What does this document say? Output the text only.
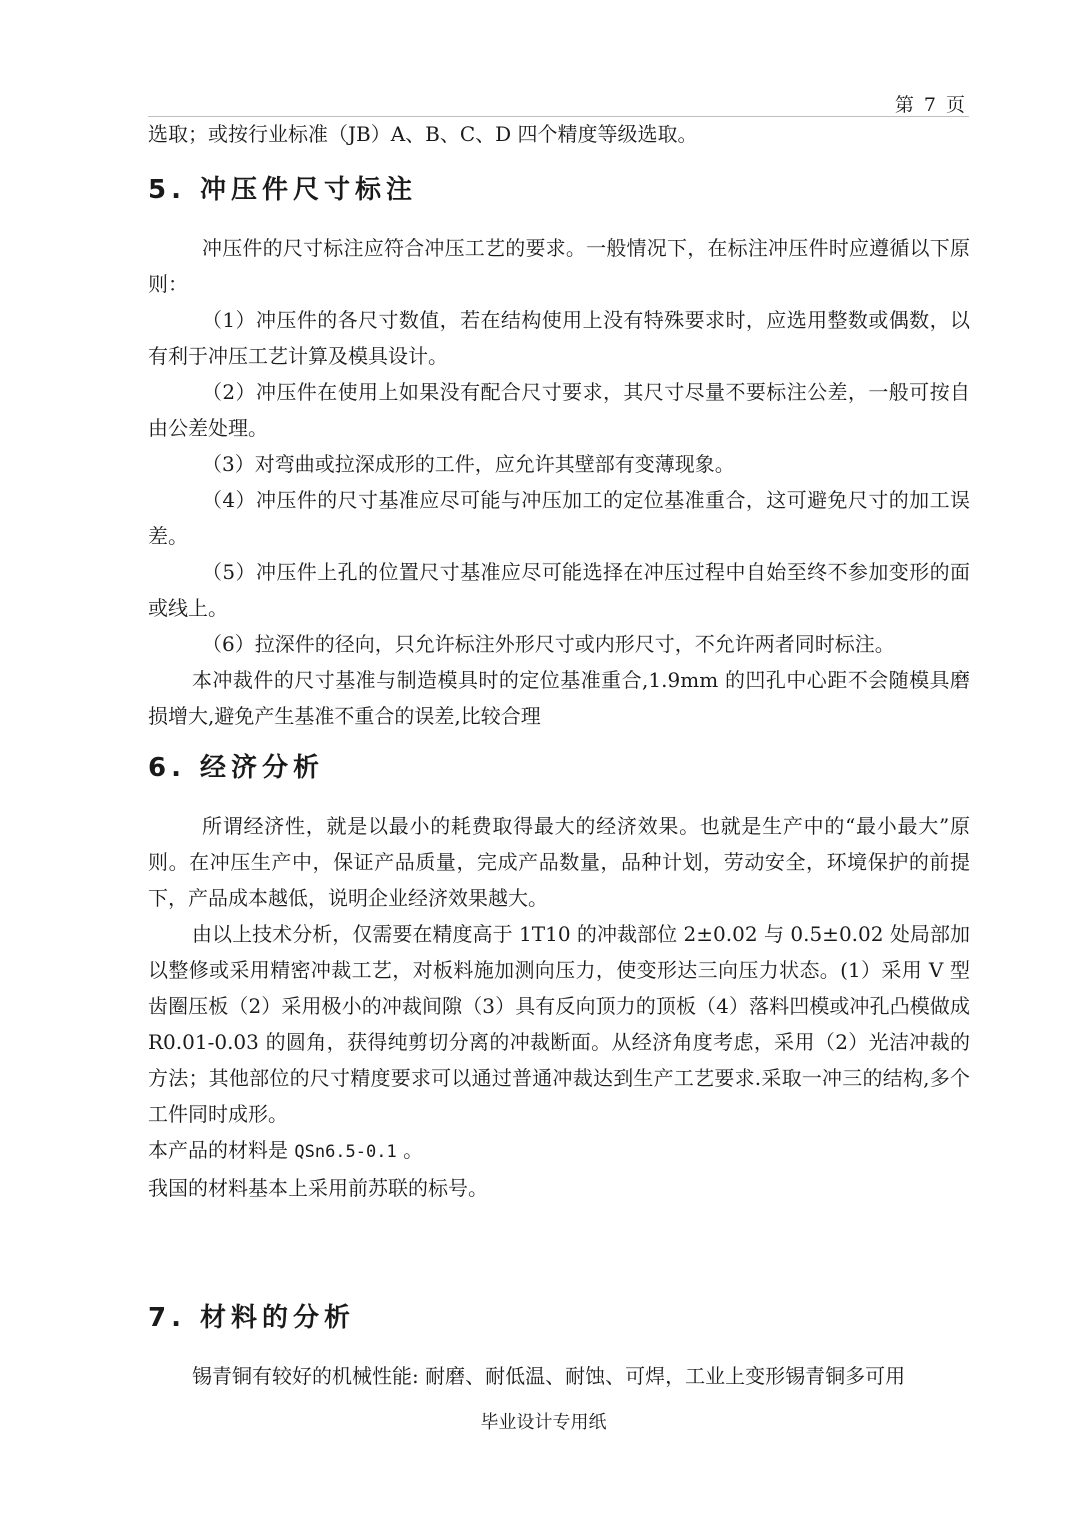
第 7 页

选取；或按行业标准（JB）A、B、C、D 四个精度等级选取。

5. 冲压件尺寸标注

冲压件的尺寸标注应符合冲压工艺的要求。一般情况下，在标注冲压件时应遵循以下原则：

（1）冲压件的各尺寸数值，若在结构使用上没有特殊要求时，应选用整数或偶数，以有利于冲压工艺计算及模具设计。

（2）冲压件在使用上如果没有配合尺寸要求，其尺寸尽量不要标注公差，一般可按自由公差处理。

（3）对弯曲或拉深成形的工件，应允许其壁部有变薄现象。

（4）冲压件的尺寸基准应尽可能与冲压加工的定位基准重合，这可避免尺寸的加工误差。

（5）冲压件上孔的位置尺寸基准应尽可能选择在冲压过程中自始至终不参加变形的面或线上。

（6）拉深件的径向，只允许标注外形尺寸或内形尺寸，不允许两者同时标注。

本冲裁件的尺寸基准与制造模具时的定位基准重合,1.9mm 的凹孔中心距不会随模具磨损增大,避免产生基准不重合的误差,比较合理

6. 经济分析

所谓经济性，就是以最小的耗费取得最大的经济效果。也就是生产中的“最小最大”原则。在冲压生产中，保证产品质量，完成产品数量，品种计划，劳动安全，环境保护的前提下，产品成本越低，说明企业经济效果越大。

由以上技术分析，仅需要在精度高于 1T10 的冲裁部位 2±0.02 与 0.5±0.02 处局部加以整修或采用精密冲裁工艺，对板料施加测向压力，使变形达三向压力状态。(1）采用 V 型齿圈压板（2）采用极小的冲裁间隙（3）具有反向顶力的顶板（4）落料凹模或冲孔凸模做成 R0.01-0.03 的圆角，获得纯剪切分离的冲裁断面。从经济角度考虑，采用（2）光洁冲裁的方法；其他部位的尺寸精度要求可以通过普通冲裁达到生产工艺要求.采取一冲三的结构,多个工件同时成形。

本产品的材料是 QSn6.5-0.1 。

我国的材料基本上采用前苏联的标号。

7. 材料的分析

锡青铜有较好的机械性能: 耐磨、耐低温、耐蚀、可焊，工业上变形锡青铜多可用

毕业设计专用纸
